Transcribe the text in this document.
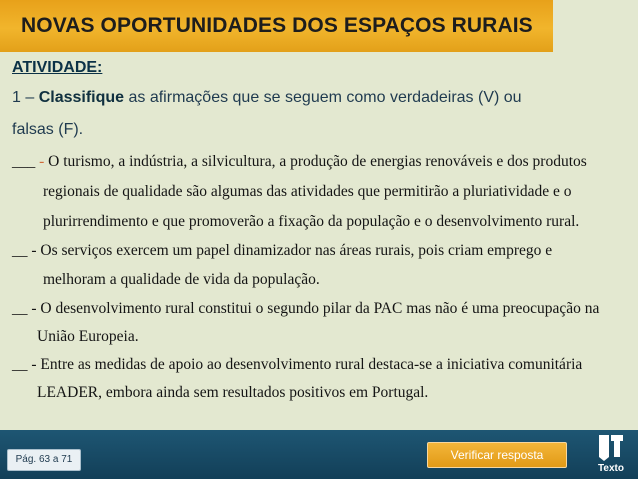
NOVAS OPORTUNIDADES DOS ESPAÇOS RURAIS
ATIVIDADE:
1 – Classifique as afirmações que se seguem como verdadeiras (V) ou
falsas (F).
___ - O turismo, a indústria, a silvicultura, a produção de energias renováveis e dos produtos
regionais de qualidade são algumas das atividades que permitirão a pluriatividade e o
plurirrendimento e que promoverão a fixação da população e o desenvolvimento rural.
__ - Os serviços exercem um papel dinamizador nas áreas rurais, pois criam emprego e
melhoram a qualidade de vida da população.
__ - O desenvolvimento rural constitui o segundo pilar da PAC mas não é uma preocupação na
União Europeia.
__ - Entre as medidas de apoio ao desenvolvimento rural destaca-se a iniciativa comunitária
LEADER, embora ainda sem resultados positivos em Portugal.
Pág. 63 a 71	Verificar resposta
Texto
